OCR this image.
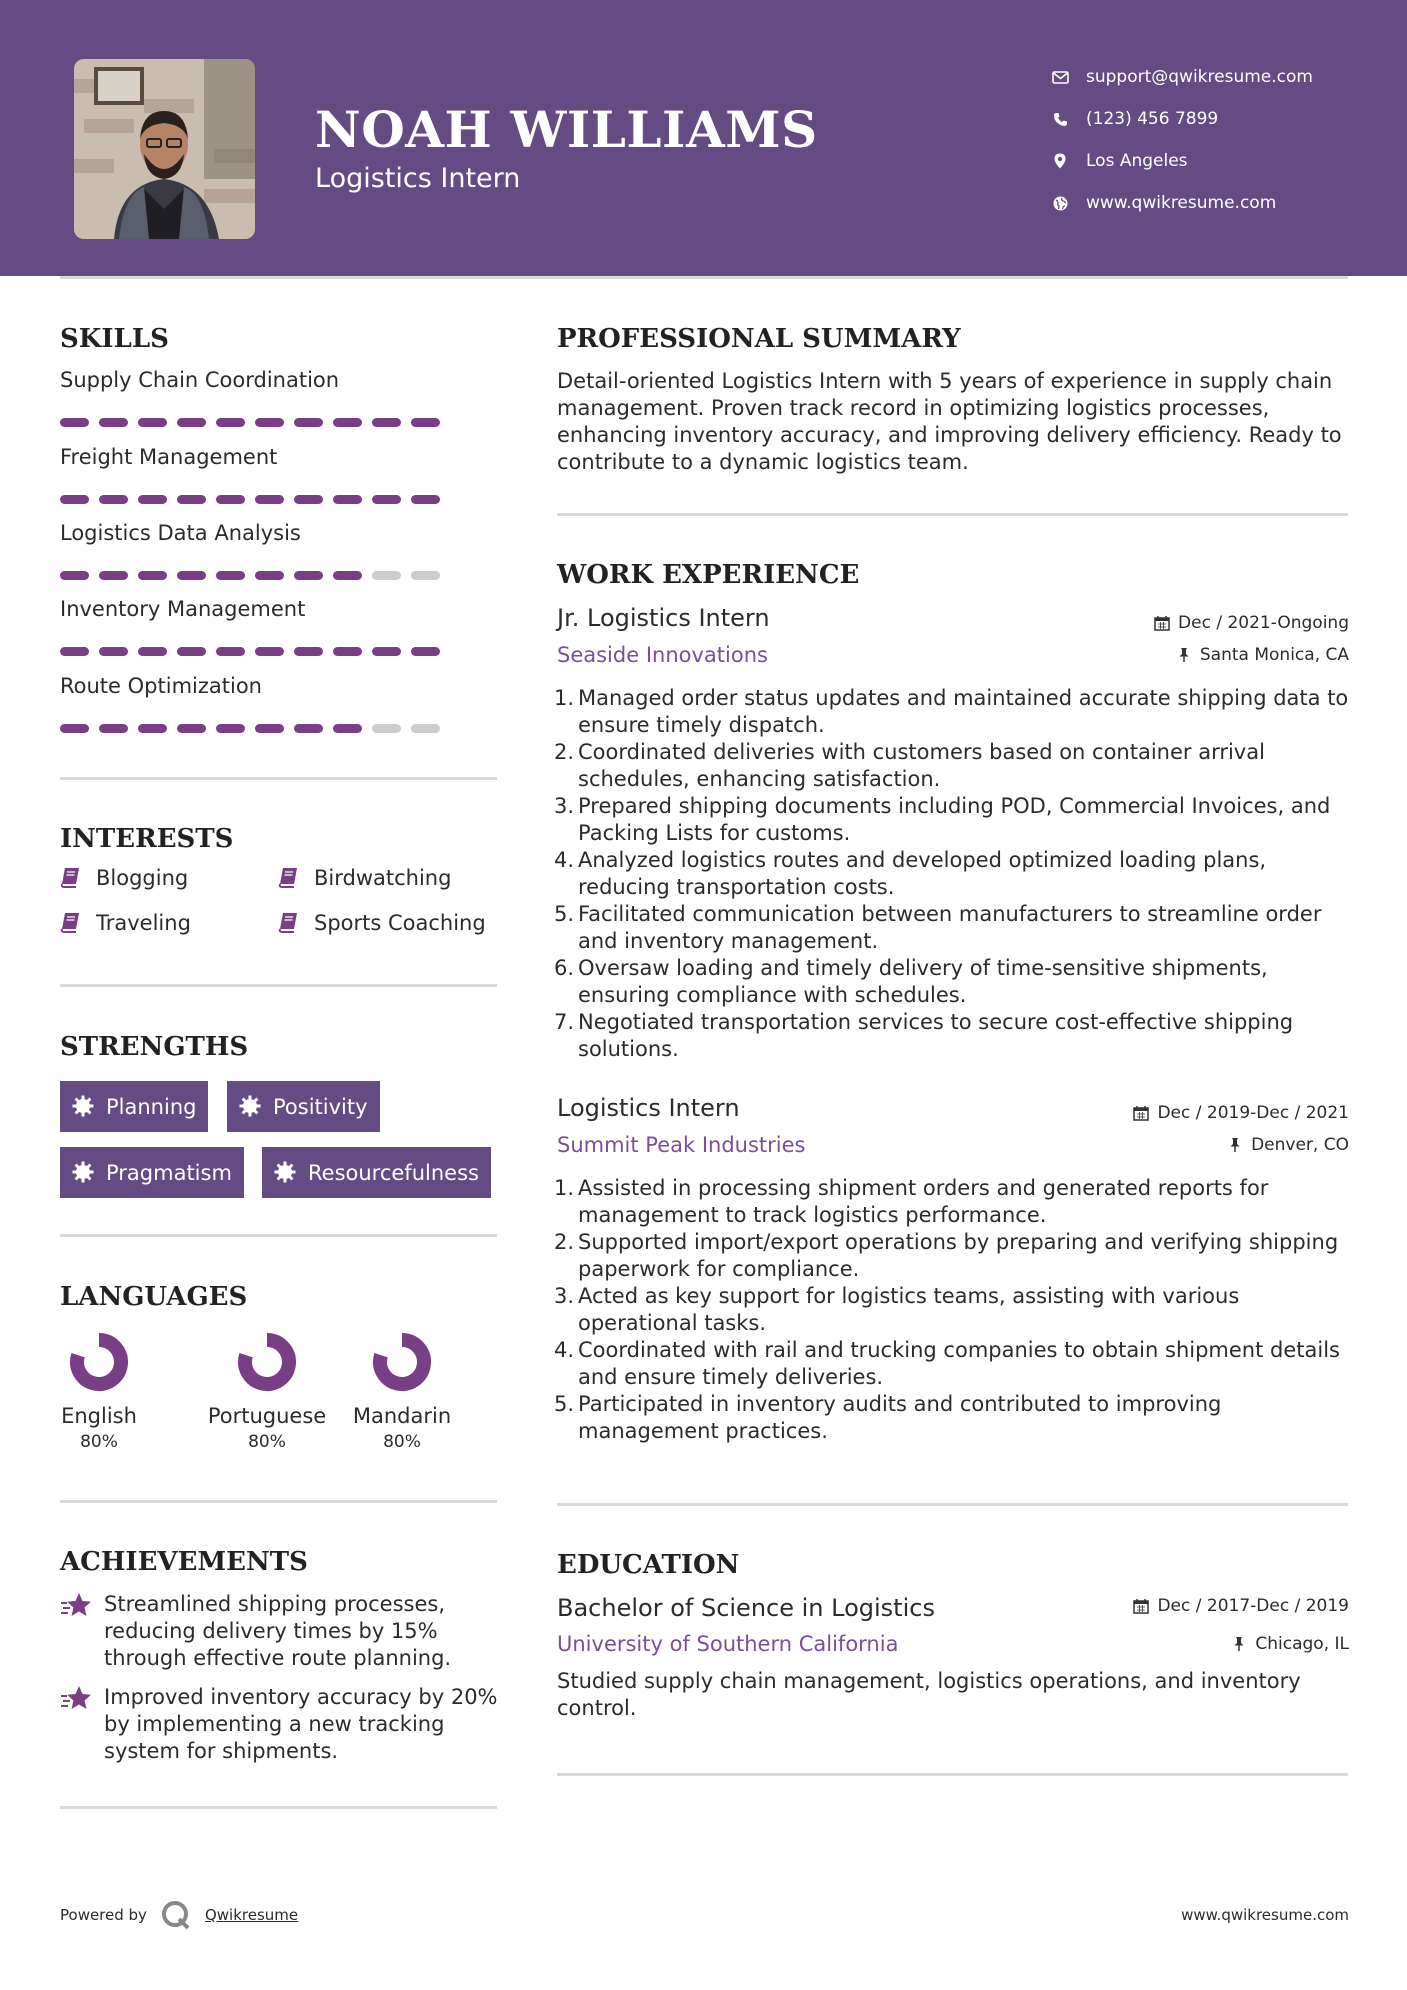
NOAH WILLIAMS
Logistics Intern
support@qwikresume.com
(123) 456 7899
Los Angeles
www.qwikresume.com
SKILLS
Supply Chain Coordination
Freight Management
Logistics Data Analysis
Inventory Management
Route Optimization
INTERESTS
Blogging	Birdwatching
Traveling	Sports Coaching
STRENGTHS
Planning	Positivity
Pragmatism	Resourcefulness
LANGUAGES
English
80%
Portuguese
80%
Mandarin
80%
ACHIEVEMENTS
Streamlined shipping processes, reducing delivery times by 15% through effective route planning.
Improved inventory accuracy by 20% by implementing a new tracking system for shipments.
PROFESSIONAL SUMMARY
Detail-oriented Logistics Intern with 5 years of experience in supply chain management. Proven track record in optimizing logistics processes, enhancing inventory accuracy, and improving delivery efficiency. Ready to contribute to a dynamic logistics team.
WORK EXPERIENCE
Jr. Logistics Intern	Dec / 2021-Ongoing
Seaside Innovations	Santa Monica, CA
1. Managed order status updates and maintained accurate shipping data to ensure timely dispatch.
2. Coordinated deliveries with customers based on container arrival schedules, enhancing satisfaction.
3. Prepared shipping documents including POD, Commercial Invoices, and Packing Lists for customs.
4. Analyzed logistics routes and developed optimized loading plans, reducing transportation costs.
5. Facilitated communication between manufacturers to streamline order and inventory management.
6. Oversaw loading and timely delivery of time-sensitive shipments, ensuring compliance with schedules.
7. Negotiated transportation services to secure cost-effective shipping solutions.
Logistics Intern	Dec / 2019-Dec / 2021
Summit Peak Industries	Denver, CO
1. Assisted in processing shipment orders and generated reports for management to track logistics performance.
2. Supported import/export operations by preparing and verifying shipping paperwork for compliance.
3. Acted as key support for logistics teams, assisting with various operational tasks.
4. Coordinated with rail and trucking companies to obtain shipment details and ensure timely deliveries.
5. Participated in inventory audits and contributed to improving management practices.
EDUCATION
Bachelor of Science in Logistics	Dec / 2017-Dec / 2019
University of Southern California	Chicago, IL
Studied supply chain management, logistics operations, and inventory control.
Powered by	Qwikresume	www.qwikresume.com
